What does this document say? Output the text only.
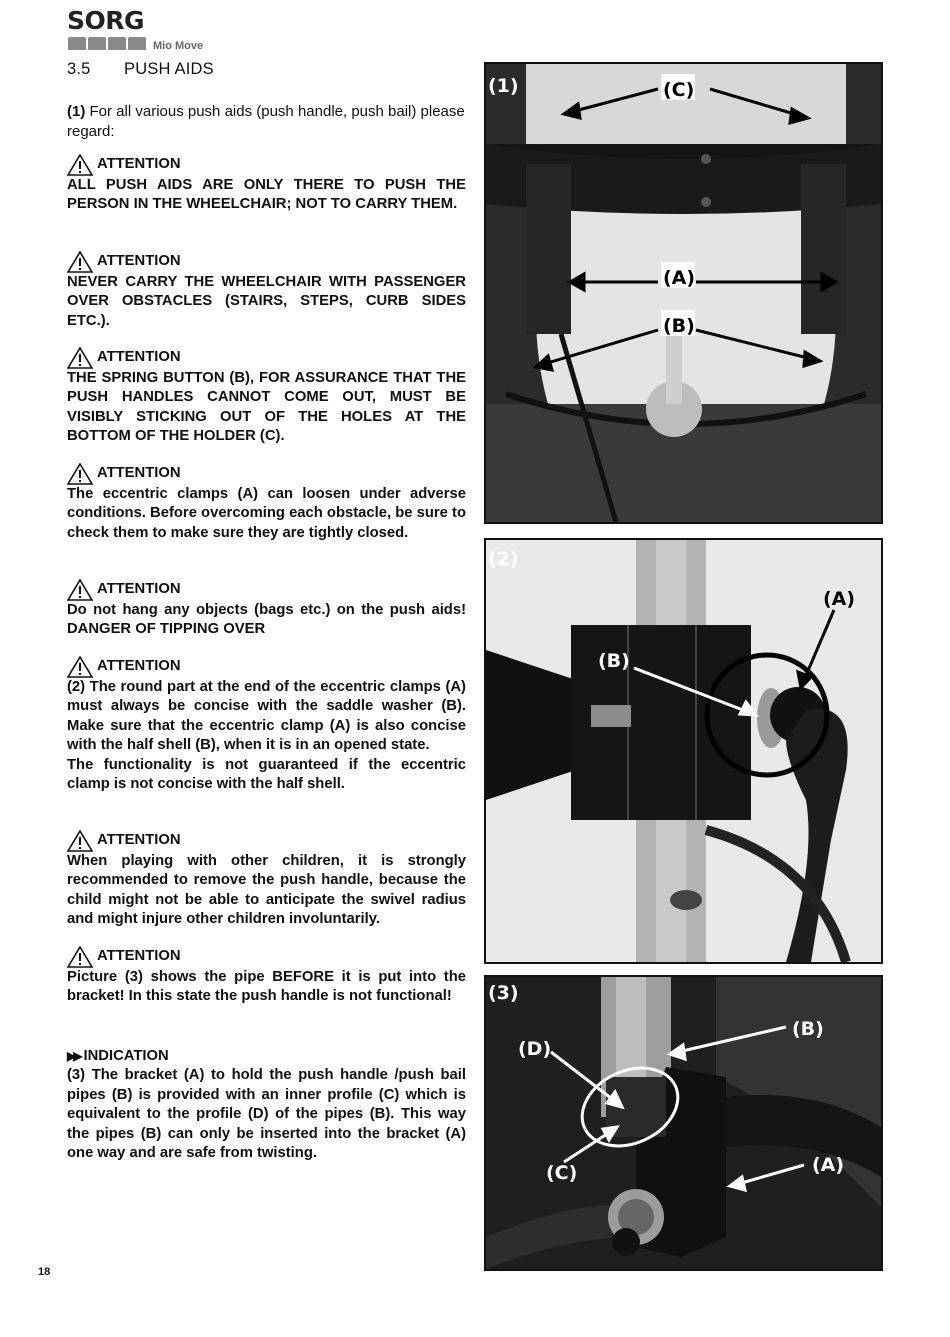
SORG
Mio Move
3.5 PUSH AIDS
(1) For all various push aids (push handle, push bail) please regard:
ATTENTION
ALL PUSH AIDS ARE ONLY THERE TO PUSH THE PERSON IN THE WHEELCHAIR; NOT TO CARRY THEM.
ATTENTION
NEVER CARRY THE WHEELCHAIR WITH PASSENGER OVER OBSTACLES (STAIRS, STEPS, CURB SIDES ETC.).
ATTENTION
THE SPRING BUTTON (B), FOR ASSURANCE THAT THE PUSH HANDLES CANNOT COME OUT, MUST BE VISIBLY STICKING OUT OF THE HOLES AT THE BOTTOM OF THE HOLDER (C).
ATTENTION
The eccentric clamps (A) can loosen under adverse conditions. Before overcoming each obstacle, be sure to check them to make sure they are tightly closed.
ATTENTION
Do not hang any objects (bags etc.) on the push aids! DANGER OF TIPPING OVER
ATTENTION
(2) The round part at the end of the eccentric clamps (A) must always be concise with the saddle washer (B). Make sure that the eccentric clamp (A) is also concise with the half shell (B), when it is in an opened state.
The functionality is not guaranteed if the eccentric clamp is not concise with the half shell.
ATTENTION
When playing with other children, it is strongly recommended to remove the push handle, because the child might not be able to anticipate the swivel radius and might injure other children involuntarily.
ATTENTION
Picture (3) shows the pipe BEFORE it is put into the bracket! In this state the push handle is not functional!
▶▶ INDICATION
(3) The bracket (A) to hold the push handle /push bail pipes (B) is provided with an inner profile (C) which is equivalent to the profile (D) of the pipes (B). This way the pipes (B) can only be inserted into the bracket (A) one way and are safe from twisting.
(C)
(A)
(B)
(1)
(B)
(A)
(2)
(D)
(B)
(C)	(A)
(3)
18
